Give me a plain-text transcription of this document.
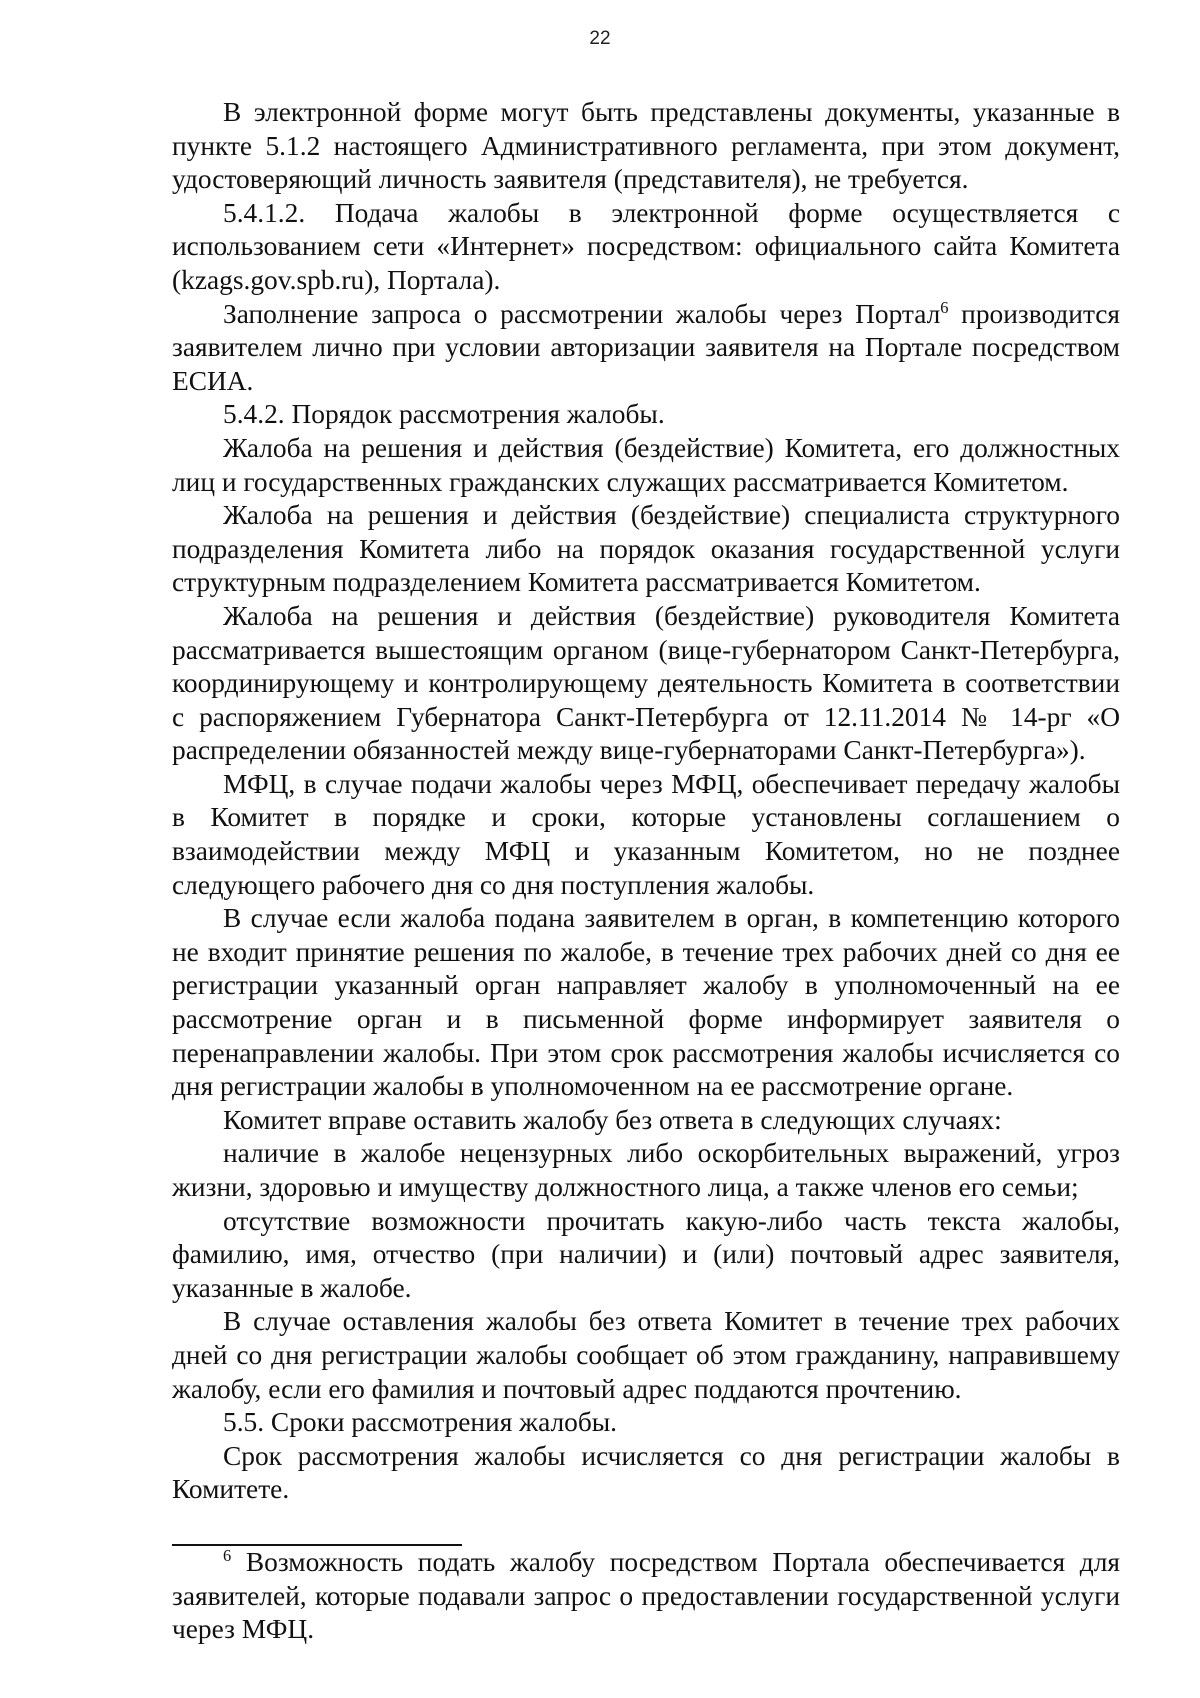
22

В электронной форме могут быть представлены документы, указанные в пункте 5.1.2 настоящего Административного регламента, при этом документ, удостоверяющий личность заявителя (представителя), не требуется.

5.4.1.2. Подача жалобы в электронной форме осуществляется с использованием сети «Интернет» посредством: официального сайта Комитета (kzags.gov.spb.ru), Портала).

Заполнение запроса о рассмотрении жалобы через Портал$^6$ производится заявителем лично при условии авторизации заявителя на Портале посредством ЕСИА.

5.4.2. Порядок рассмотрения жалобы.

Жалоба на решения и действия (бездействие) Комитета, его должностных лиц и государственных гражданских служащих рассматривается Комитетом.

Жалоба на решения и действия (бездействие) специалиста структурного подразделения Комитета либо на порядок оказания государственной услуги структурным подразделением Комитета рассматривается Комитетом.

Жалоба на решения и действия (бездействие) руководителя Комитета рассматривается вышестоящим органом (вице-губернатором Санкт-Петербурга, координирующему и контролирующему деятельность Комитета в соответствии с распоряжением Губернатора Санкт-Петербурга от 12.11.2014 № 14-рг «О распределении обязанностей между вице-губернаторами Санкт-Петербурга»).

МФЦ, в случае подачи жалобы через МФЦ, обеспечивает передачу жалобы в Комитет в порядке и сроки, которые установлены соглашением о взаимодействии между МФЦ и указанным Комитетом, но не позднее следующего рабочего дня со дня поступления жалобы.

В случае если жалоба подана заявителем в орган, в компетенцию которого не входит принятие решения по жалобе, в течение трех рабочих дней со дня ее регистрации указанный орган направляет жалобу в уполномоченный на ее рассмотрение орган и в письменной форме информирует заявителя о перенаправлении жалобы. При этом срок рассмотрения жалобы исчисляется со дня регистрации жалобы в уполномоченном на ее рассмотрение органе.

Комитет вправе оставить жалобу без ответа в следующих случаях:

наличие в жалобе нецензурных либо оскорбительных выражений, угроз жизни, здоровью и имуществу должностного лица, а также членов его семьи;

отсутствие возможности прочитать какую-либо часть текста жалобы, фамилию, имя, отчество (при наличии) и (или) почтовый адрес заявителя, указанные в жалобе.

В случае оставления жалобы без ответа Комитет в течение трех рабочих дней со дня регистрации жалобы сообщает об этом гражданину, направившему жалобу, если его фамилия и почтовый адрес поддаются прочтению.

5.5. Сроки рассмотрения жалобы.

Срок рассмотрения жалобы исчисляется со дня регистрации жалобы в Комитете.

$^6$ Возможность подать жалобу посредством Портала обеспечивается для заявителей, которые подавали запрос о предоставлении государственной услуги через МФЦ.
